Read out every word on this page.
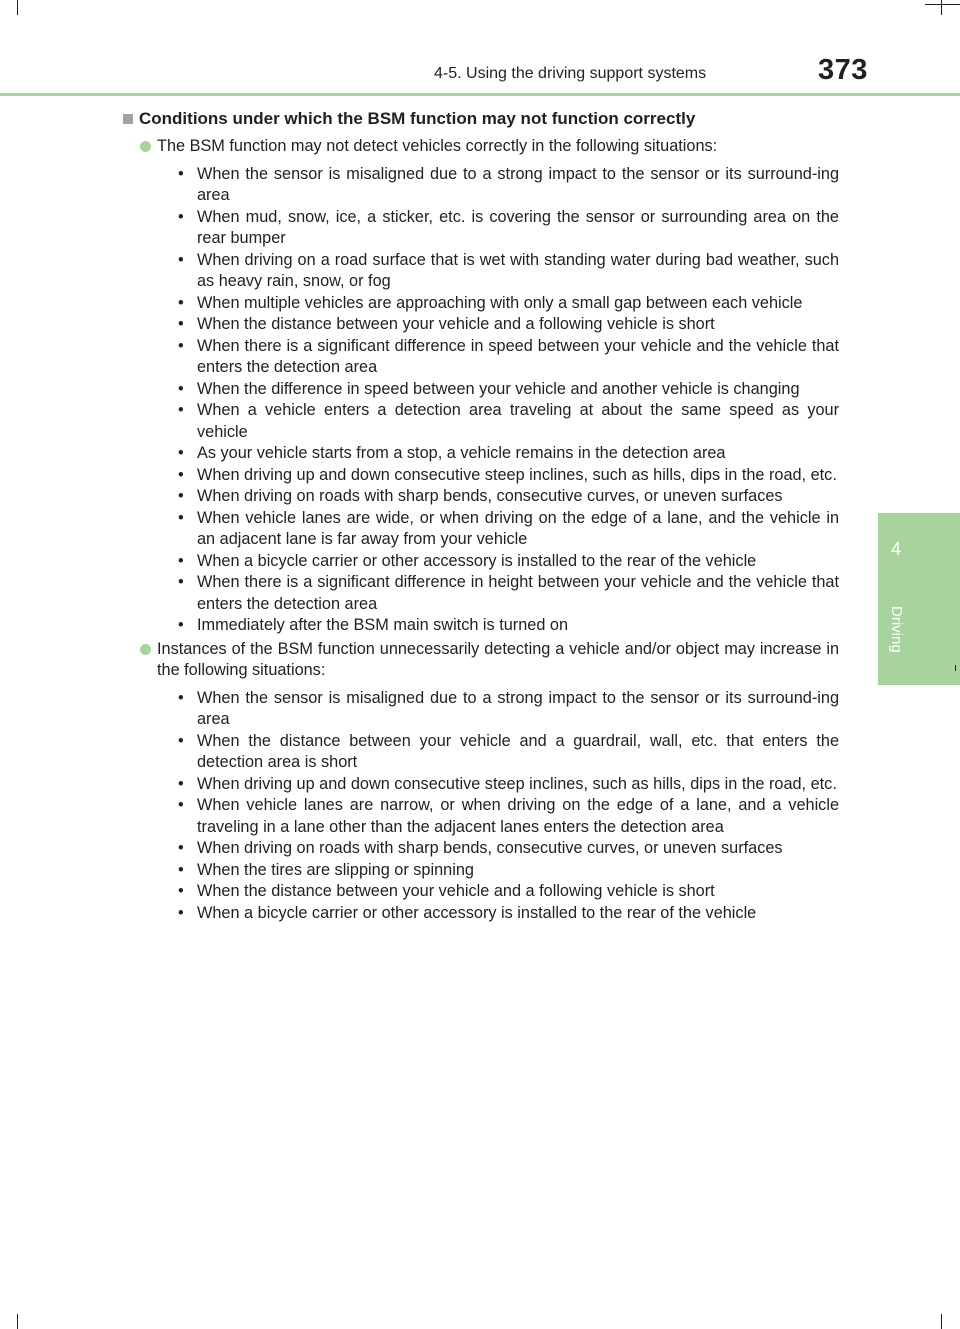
4-5. Using the driving support systems	373
4
Driving
Conditions under which the BSM function may not function correctly

The BSM function may not detect vehicles correctly in the following situations:

• When the sensor is misaligned due to a strong impact to the sensor or its surround-ing area
• When mud, snow, ice, a sticker, etc. is covering the sensor or surrounding area on the rear bumper
• When driving on a road surface that is wet with standing water during bad weather, such as heavy rain, snow, or fog
• When multiple vehicles are approaching with only a small gap between each vehicle
• When the distance between your vehicle and a following vehicle is short
• When there is a significant difference in speed between your vehicle and the vehicle that enters the detection area
• When the difference in speed between your vehicle and another vehicle is changing
• When a vehicle enters a detection area traveling at about the same speed as your vehicle
• As your vehicle starts from a stop, a vehicle remains in the detection area
• When driving up and down consecutive steep inclines, such as hills, dips in the road, etc.
• When driving on roads with sharp bends, consecutive curves, or uneven surfaces
• When vehicle lanes are wide, or when driving on the edge of a lane, and the vehicle in an adjacent lane is far away from your vehicle
• When a bicycle carrier or other accessory is installed to the rear of the vehicle
• When there is a significant difference in height between your vehicle and the vehicle that enters the detection area
• Immediately after the BSM main switch is turned on

Instances of the BSM function unnecessarily detecting a vehicle and/or object may increase in the following situations:

• When the sensor is misaligned due to a strong impact to the sensor or its surround-ing area
• When the distance between your vehicle and a guardrail, wall, etc. that enters the detection area is short
• When driving up and down consecutive steep inclines, such as hills, dips in the road, etc.
• When vehicle lanes are narrow, or when driving on the edge of a lane, and a vehicle traveling in a lane other than the adjacent lanes enters the detection area
• When driving on roads with sharp bends, consecutive curves, or uneven surfaces
• When the tires are slipping or spinning
• When the distance between your vehicle and a following vehicle is short
• When a bicycle carrier or other accessory is installed to the rear of the vehicle
